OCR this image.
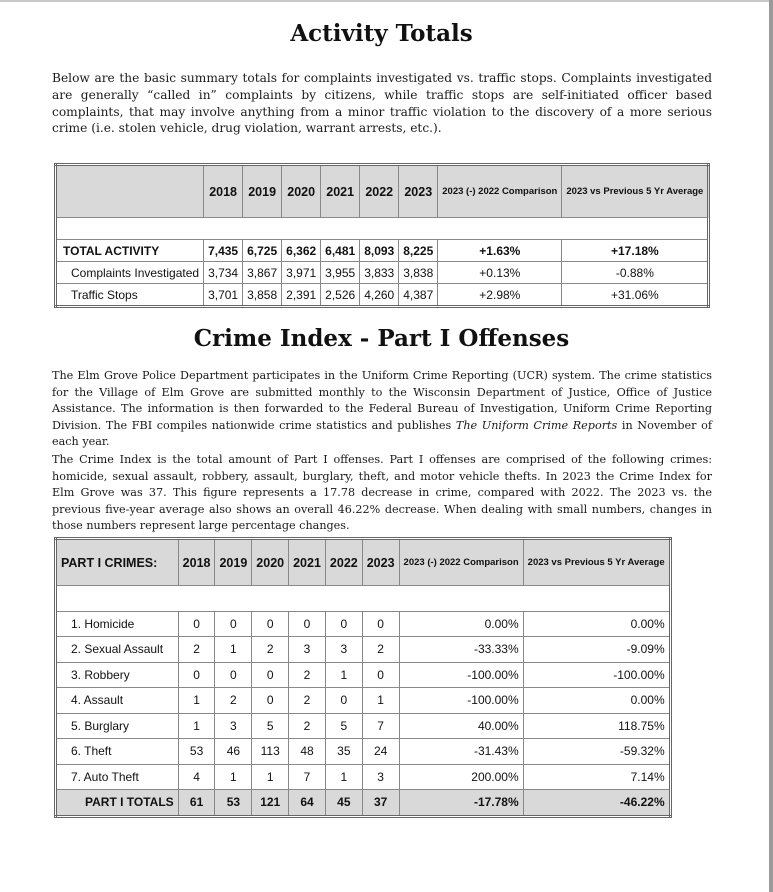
Activity Totals

Below are the basic summary totals for complaints investigated vs. traffic stops. Complaints investigated are generally “called in” complaints by citizens, while traffic stops are self-initiated officer based complaints, that may involve anything from a minor traffic violation to the discovery of a more serious crime (i.e. stolen vehicle, drug violation, warrant arrests, etc.).

	2018	2019	2020	2021	2022	2023	2023 (-) 2022 Comparison	2023 vs Previous 5 Yr Average

TOTAL ACTIVITY	7,435	6,725	6,362	6,481	8,093	8,225	+1.63%	+17.18%
Complaints Investigated	3,734	3,867	3,971	3,955	3,833	3,838	+0.13%	-0.88%
Traffic Stops	3,701	3,858	2,391	2,526	4,260	4,387	+2.98%	+31.06%
Crime Index - Part I Offenses

The Elm Grove Police Department participates in the Uniform Crime Reporting (UCR) system. The crime statistics for the Village of Elm Grove are submitted monthly to the Wisconsin Department of Justice, Office of Justice Assistance. The information is then forwarded to the Federal Bureau of Investigation, Uniform Crime Reporting Division. The FBI compiles nationwide crime statistics and publishes The Uniform Crime Reports in November of each year.

The Crime Index is the total amount of Part I offenses. Part I offenses are comprised of the following crimes: homicide, sexual assault, robbery, assault, burglary, theft, and motor vehicle thefts. In 2023 the Crime Index for Elm Grove was 37. This figure represents a 17.78 decrease in crime, compared with 2022. The 2023 vs. the previous five-year average also shows an overall 46.22% decrease. When dealing with small numbers, changes in those numbers represent large percentage changes.

PART I CRIMES:	2018	2019	2020	2021	2022	2023	2023 (-) 2022 Comparison	2023 vs Previous 5 Yr Average

1. Homicide	0	0	0	0	0	0	0.00%	0.00%
2. Sexual Assault	2	1	2	3	3	2	-33.33%	-9.09%
3. Robbery	0	0	0	2	1	0	-100.00%	-100.00%
4. Assault	1	2	0	2	0	1	-100.00%	0.00%
5. Burglary	1	3	5	2	5	7	40.00%	118.75%
6. Theft	53	46	113	48	35	24	-31.43%	-59.32%
7. Auto Theft	4	1	1	7	1	3	200.00%	7.14%
PART I TOTALS	61	53	121	64	45	37	-17.78%	-46.22%
